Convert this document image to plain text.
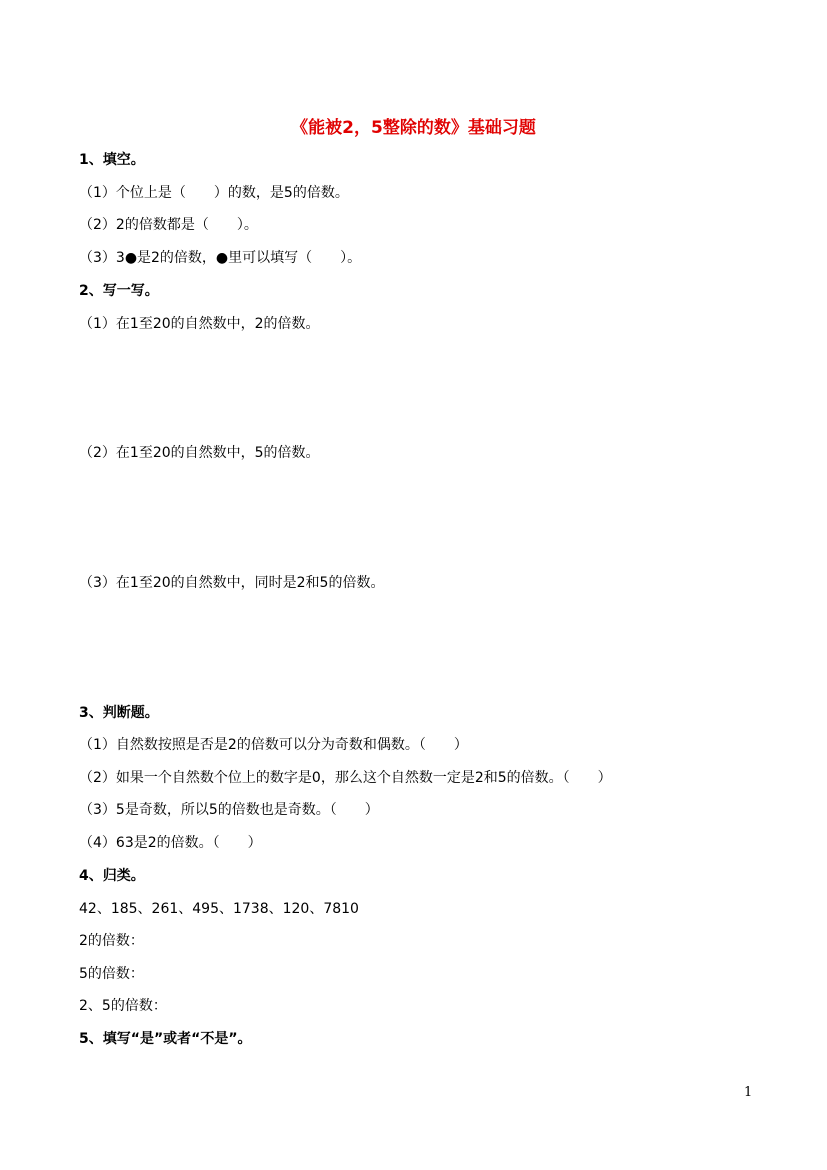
《能被2，5整除的数》基础习题
1、填空。
（1）个位上是（　　）的数，是5的倍数。
（2）2的倍数都是（　　）。
（3）3●是2的倍数，●里可以填写（　　）。
2、写一写。
（1）在1至20的自然数中，2的倍数。
（2）在1至20的自然数中，5的倍数。
（3）在1至20的自然数中，同时是2和5的倍数。
3、判断题。
（1）自然数按照是否是2的倍数可以分为奇数和偶数。（　　）
（2）如果一个自然数个位上的数字是0，那么这个自然数一定是2和5的倍数。（　　）
（3）5是奇数，所以5的倍数也是奇数。（　　）
（4）63是2的倍数。（　　）
4、归类。
42、185、261、495、1738、120、7810
2的倍数：
5的倍数：
2、5的倍数：
5、填写“是”或者“不是”。
1
